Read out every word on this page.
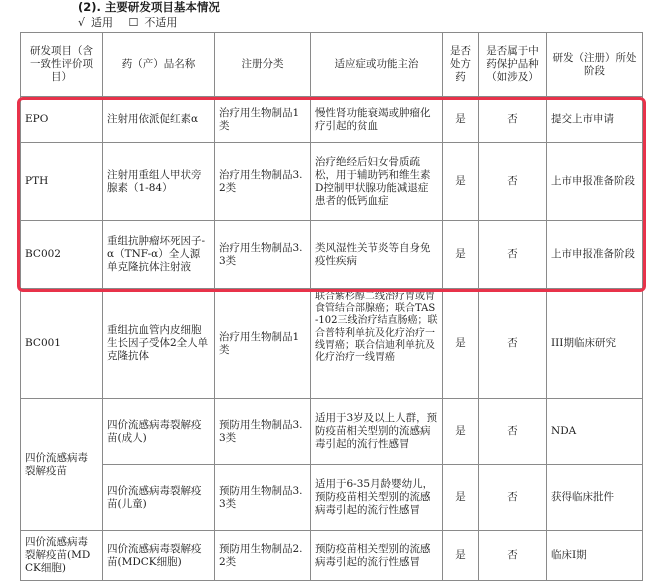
(2). 主要研发项目基本情况
√ 适用 ☐ 不适用
研发项目（含一致性评价项目）	药（产）品名称	注册分类	适应症或功能主治	是否处方药	是否属于中药保护品种（如涉及）	研发（注册）所处阶段
EPO	注射用依派促红素α	治疗用生物制品1类	慢性肾功能衰竭或肿瘤化疗引起的贫血	是	否	提交上市申请
PTH	注射用重组人甲状旁腺素（1-84）	治疗用生物制品3.2类	治疗绝经后妇女骨质疏松，用于辅助钙和维生素D控制甲状腺功能减退症患者的低钙血症	是	否	上市申报准备阶段
BC002	重组抗肿瘤坏死因子-α（TNF-α）全人源单克隆抗体注射液	治疗用生物制品3.3类	类风湿性关节炎等自身免疫性疾病	是	否	上市申报准备阶段
BC001	重组抗血管内皮细胞生长因子受体2全人单克隆抗体	治疗用生物制品1类	联合紫杉醇二线治疗胃或胃食管结合部腺癌；联合TAS-102三线治疗结直肠癌；联合普特利单抗及化疗治疗一线胃癌；联合信迪利单抗及化疗治疗一线胃癌	是	否	III期临床研究
四价流感病毒裂解疫苗	四价流感病毒裂解疫苗(成人)	预防用生物制品3.3类	适用于3岁及以上人群，预防疫苗相关型别的流感病毒引起的流行性感冒	是	否	NDA
	四价流感病毒裂解疫苗(儿童)	预防用生物制品3.3类	适用于6-35月龄婴幼儿，预防疫苗相关型别的流感病毒引起的流行性感冒	是	否	获得临床批件
四价流感病毒裂解疫苗(MDCK细胞)	四价流感病毒裂解疫苗(MDCK细胞)	预防用生物制品2.2类	预防疫苗相关型别的流感病毒引起的流行性感冒	是	否	临床I期
